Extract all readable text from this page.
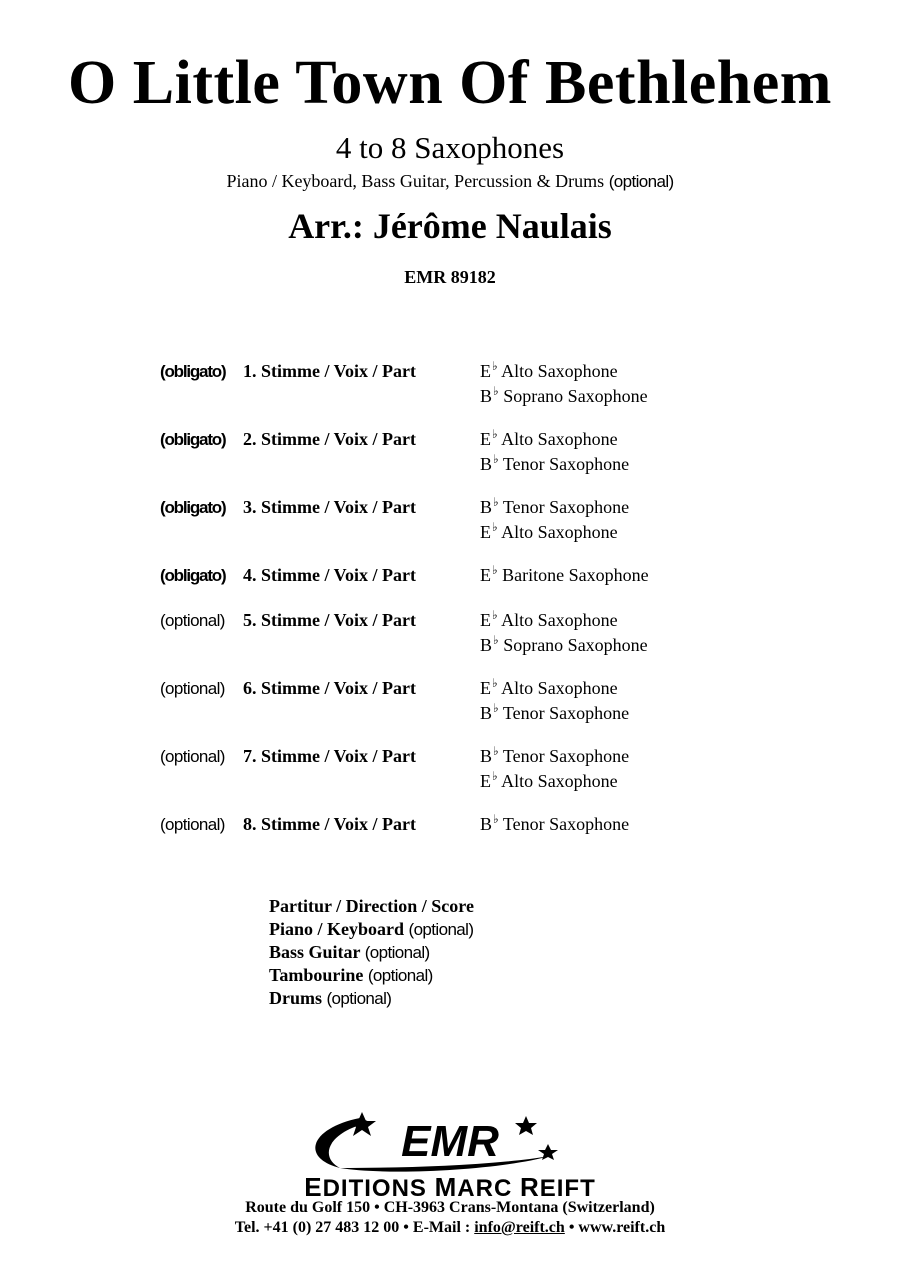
O Little Town Of Bethlehem
4 to 8 Saxophones
Piano / Keyboard, Bass Guitar, Percussion & Drums (optional)
Arr.: Jérôme Naulais
EMR 89182
(obligato) 1. Stimme / Voix / Part	E♭ Alto Saxophone
B♭ Soprano Saxophone
(obligato) 2. Stimme / Voix / Part	E♭ Alto Saxophone
B♭ Tenor Saxophone
(obligato) 3. Stimme / Voix / Part	B♭ Tenor Saxophone
E♭ Alto Saxophone
(obligato) 4. Stimme / Voix / Part	E♭ Baritone Saxophone
(optional) 5. Stimme / Voix / Part	E♭ Alto Saxophone
B♭ Soprano Saxophone
(optional) 6. Stimme / Voix / Part	E♭ Alto Saxophone
B♭ Tenor Saxophone
(optional) 7. Stimme / Voix / Part	B♭ Tenor Saxophone
E♭ Alto Saxophone
(optional) 8. Stimme / Voix / Part	B♭ Tenor Saxophone
Partitur / Direction / Score
Piano / Keyboard (optional)
Bass Guitar (optional)
Tambourine (optional)
Drums (optional)
EMR
EDITIONS MARC REIFT
Route du Golf 150 • CH-3963 Crans-Montana (Switzerland)
Tel. +41 (0) 27 483 12 00 • E-Mail : info@reift.ch • www.reift.ch
